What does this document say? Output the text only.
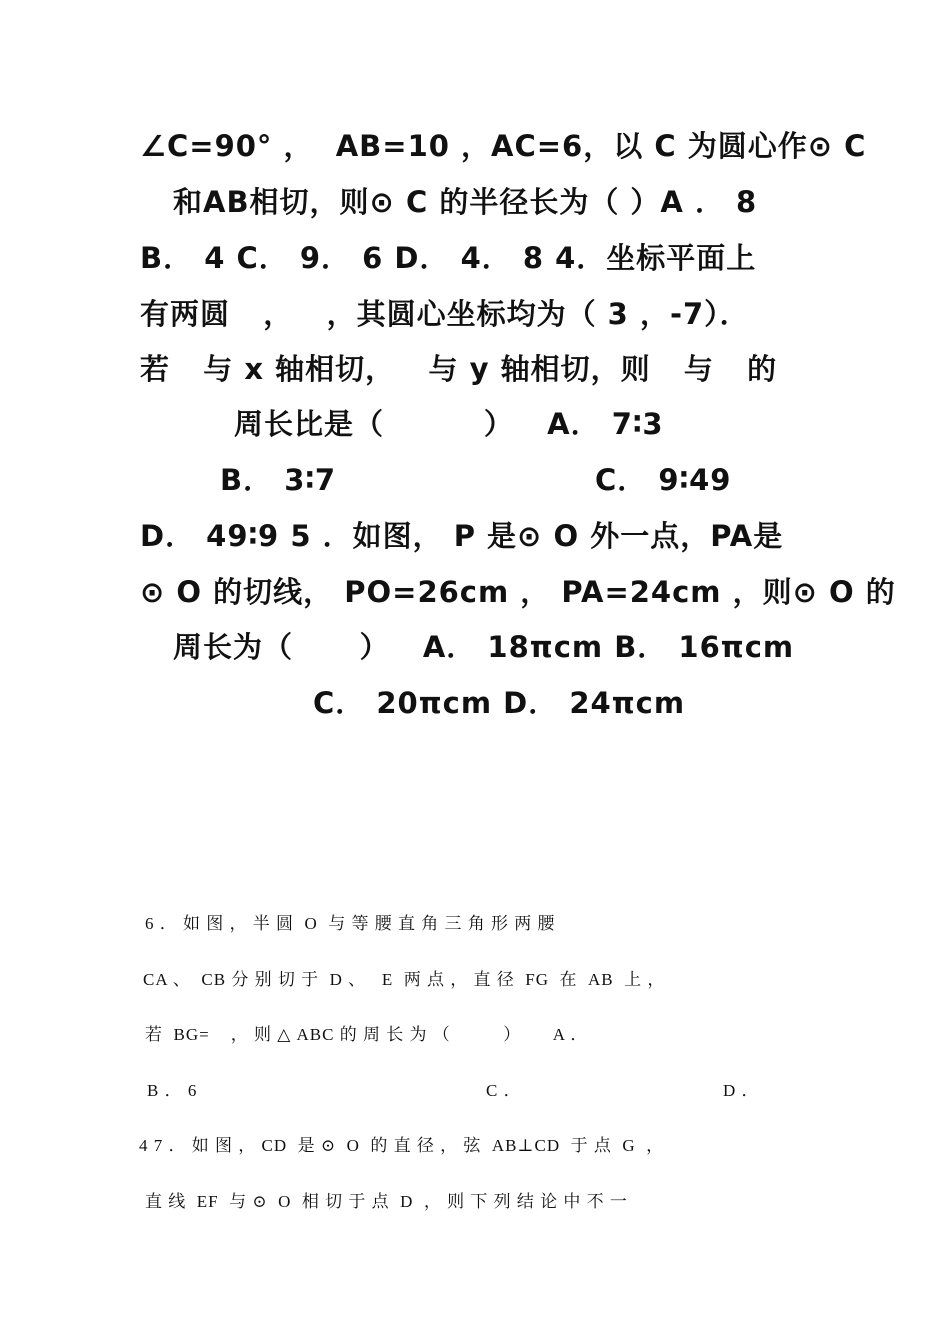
∠C=90° ，  AB=10 ，AC=6，以 C 为圆心作⊙ C
和AB相切，则⊙ C 的半径长为（ ）A ． 8
B． 4 C． 9． 6 D． 4． 8 4．坐标平面上
有两圆   ，   ，其圆心坐标均为（ 3 ，-7）．
若   与 x 轴相切，   与 y 轴相切，则   与   的
周长比是（         ）   A． 7∶3
B． 3∶7	C． 9∶49
D． 49∶9 5 ．如图， P 是⊙ O 外一点，PA是
⊙ O 的切线， PO=26cm ， PA=24cm ，则⊙ O 的
周长为（      ）   A． 18πcm B． 16πcm
C． 20πcm D． 24πcm
6 ． 如 图 ， 半 圆  O  与 等 腰 直 角 三 角 形 两 腰
CA 、  CB 分 别 切 于  D 、   E  两 点 ， 直 径  FG  在  AB  上 ，
若  BG=    ， 则 △ ABC 的 周 长 为 （          ）      A ．
B ． 6	C ．	D ．
4 7 ． 如 图 ， CD  是 ⊙  O  的 直 径 ， 弦  AB⊥CD  于 点  G  ，
直 线  EF  与 ⊙  O  相 切 于 点  D  ， 则 下 列 结 论 中 不 一
